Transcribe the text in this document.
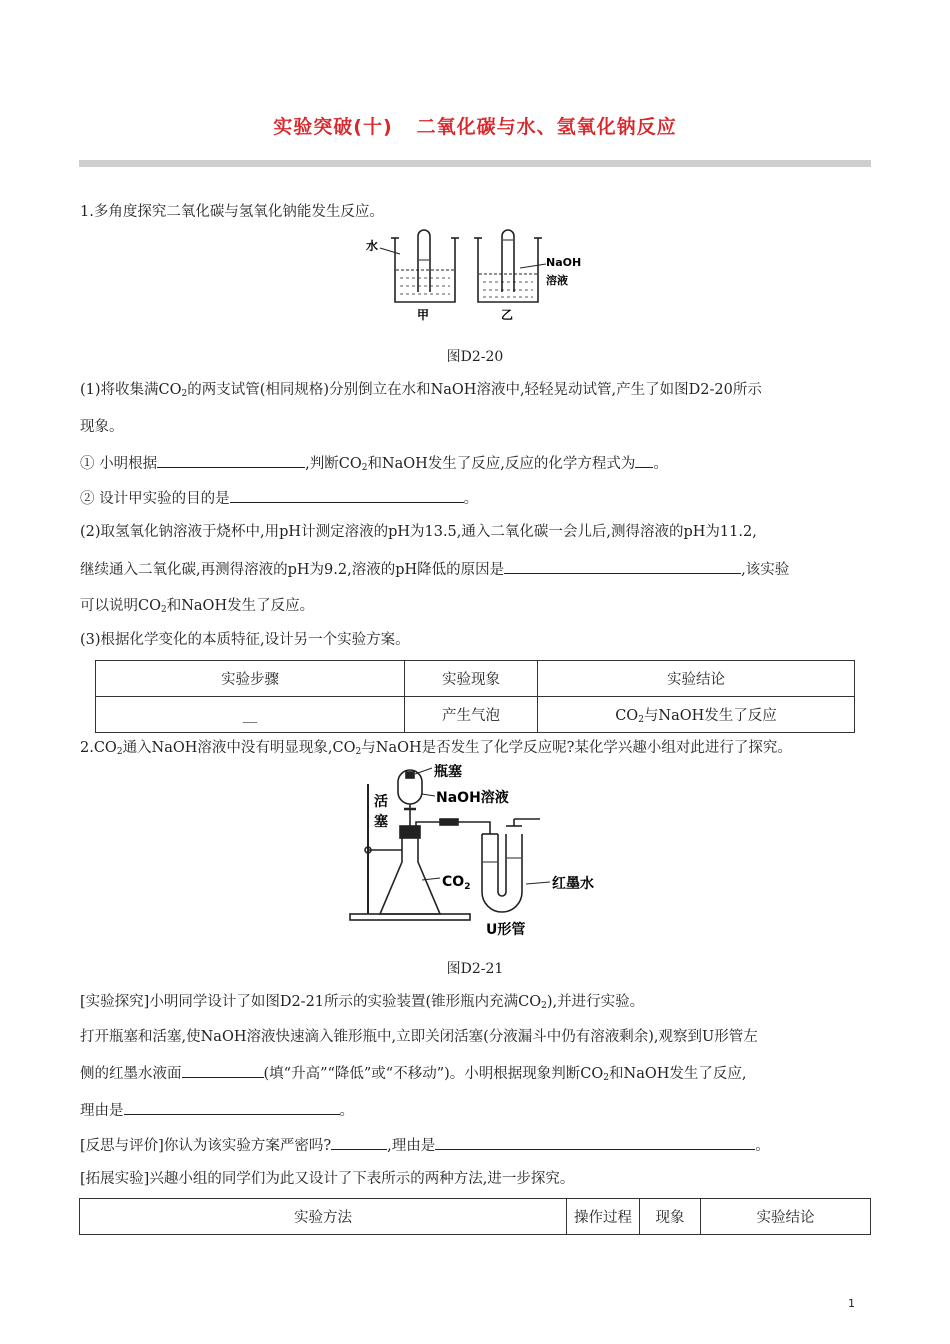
实验突破(十) 二氧化碳与水、氢氧化钠反应
1.多角度探究二氧化碳与氢氧化钠能发生反应。
水
NaOH
溶液
甲	乙
图D2-20
(1)将收集满$CO_2$的两支试管(相同规格)分别倒立在水和NaOH溶液中,轻轻晃动试管,产生了如图D2-20所示
现象。
① 小明根据	,判断$CO_2$和NaOH发生了反应,反应的化学方程式为 。
② 设计甲实验的目的是	。
(2)取氢氧化钠溶液于烧杯中,用pH计测定溶液的pH为13.5,通入二氧化碳一会儿后,测得溶液的pH为11.2,
继续通入二氧化碳,再测得溶液的pH为9.2,溶液的pH降低的原因是	,该实验
可以说明$CO_2$和NaOH发生了反应。
(3)根据化学变化的本质特征,设计另一个实验方案。
实验步骤	实验现象	实验结论
__	产生气泡	$CO_2$与NaOH发生了反应
$2.CO_2$通入NaOH溶液中没有明显现象$,CO_2$与NaOH是否发生了化学反应呢?某化学兴趣小组对此进行了探究。
瓶塞
NaOH溶液
活
塞
$CO_2$	红墨水
U形管
图D2-21
[实验探究]小明同学设计了如图D2-21所示的实验装置(锥形瓶内充满$CO_2$),并进行实验。
打开瓶塞和活塞,使NaOH溶液快速滴入锥形瓶中,立即关闭活塞(分液漏斗中仍有溶液剩余),观察到U形管左
侧的红墨水液面	(填“升高”“降低”或“不移动”)。小明根据现象判断$CO_2$和NaOH发生了反应,
理由是	。
[反思与评价]你认为该实验方案严密吗?	,理由是	。
[拓展实验]兴趣小组的同学们为此又设计了下表所示的两种方法,进一步探究。
实验方法	操作过程	现象	实验结论
1
